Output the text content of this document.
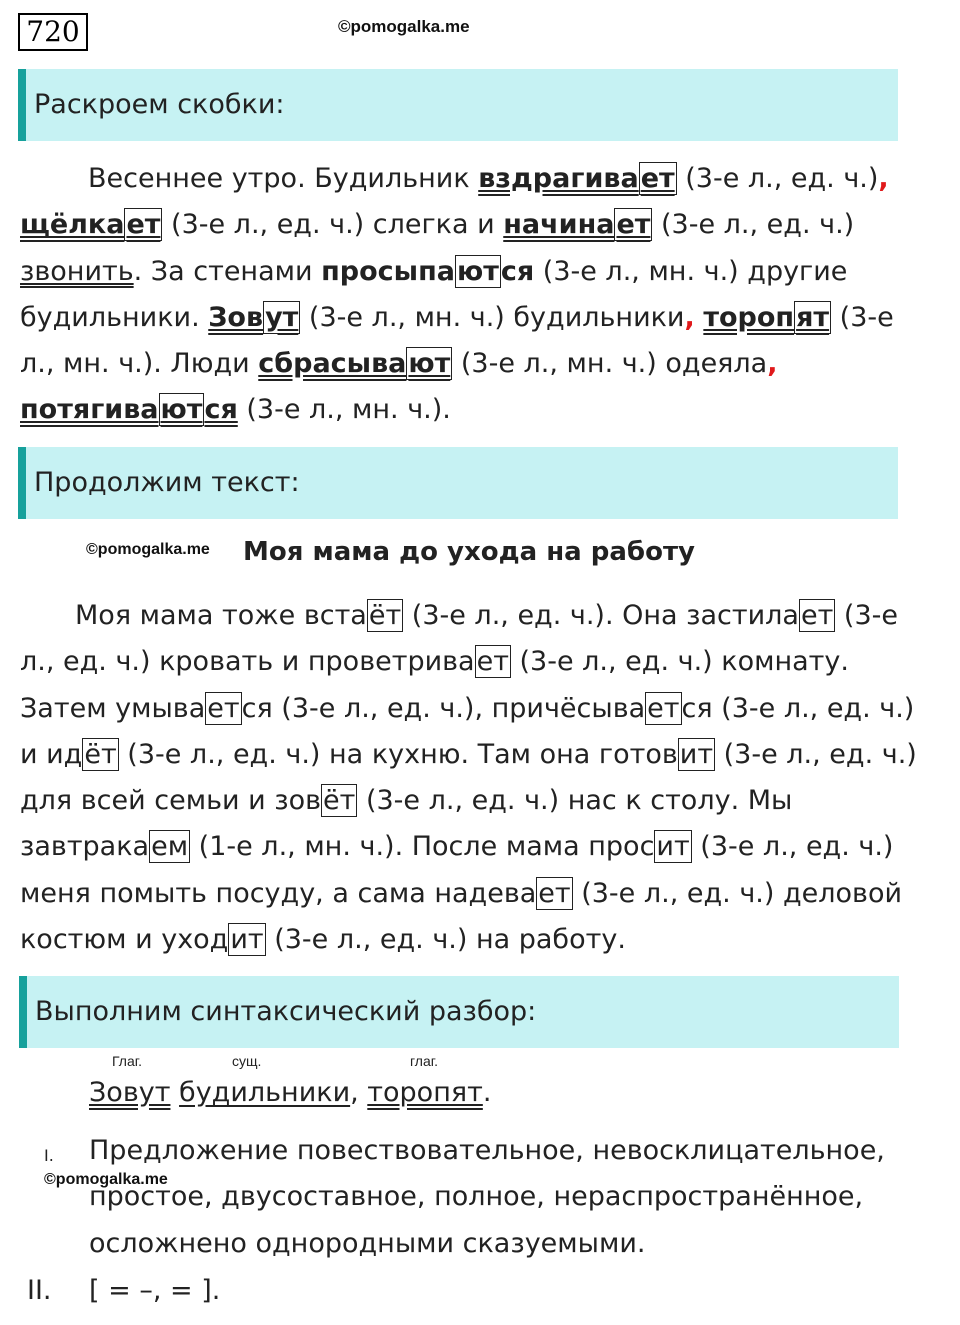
720	©pomogalka.me
Раскроем скобки:
Весеннее утро. Будильник вздрагивает (3-е л., ед. ч.),
щёлкает (3-е л., ед. ч.) слегка и начинает (3-е л., ед. ч.)
звонить. За стенами просыпаются (3-е л., мн. ч.) другие
будильники. Зовут (3-е л., мн. ч.) будильники, торопят (3-е
л., мн. ч.). Люди сбрасывают (3-е л., мн. ч.) одеяла,
потягиваются (3-е л., мн. ч.).
Продолжим текст:
©pomogalka.me Моя мама до ухода на работу
Моя мама тоже встаёт (3-е л., ед. ч.). Она застилает (3-е
л., ед. ч.) кровать и проветривает (3-е л., ед. ч.) комнату.
Затем умывается (3-е л., ед. ч.), причёсывается (3-е л., ед. ч.)
и идёт (3-е л., ед. ч.) на кухню. Там она готовит (3-е л., ед. ч.)
для всей семьи и зовёт (3-е л., ед. ч.) нас к столу. Мы
завтракаем (1-е л., мн. ч.). После мама просит (3-е л., ед. ч.)
меня помыть посуду, а сама надевает (3-е л., ед. ч.) деловой
костюм и уходит (3-е л., ед. ч.) на работу.
Выполним синтаксический разбор:
Глаг.	сущ.	глаг.
Зовут будильники, торопят.
I. Предложение повествовательное, невосклицательное,
простое, двусоставное, полное, нераспространённое,
осложнено однородными сказуемыми.
©pomogalka.me
II. [ = –, = ].
